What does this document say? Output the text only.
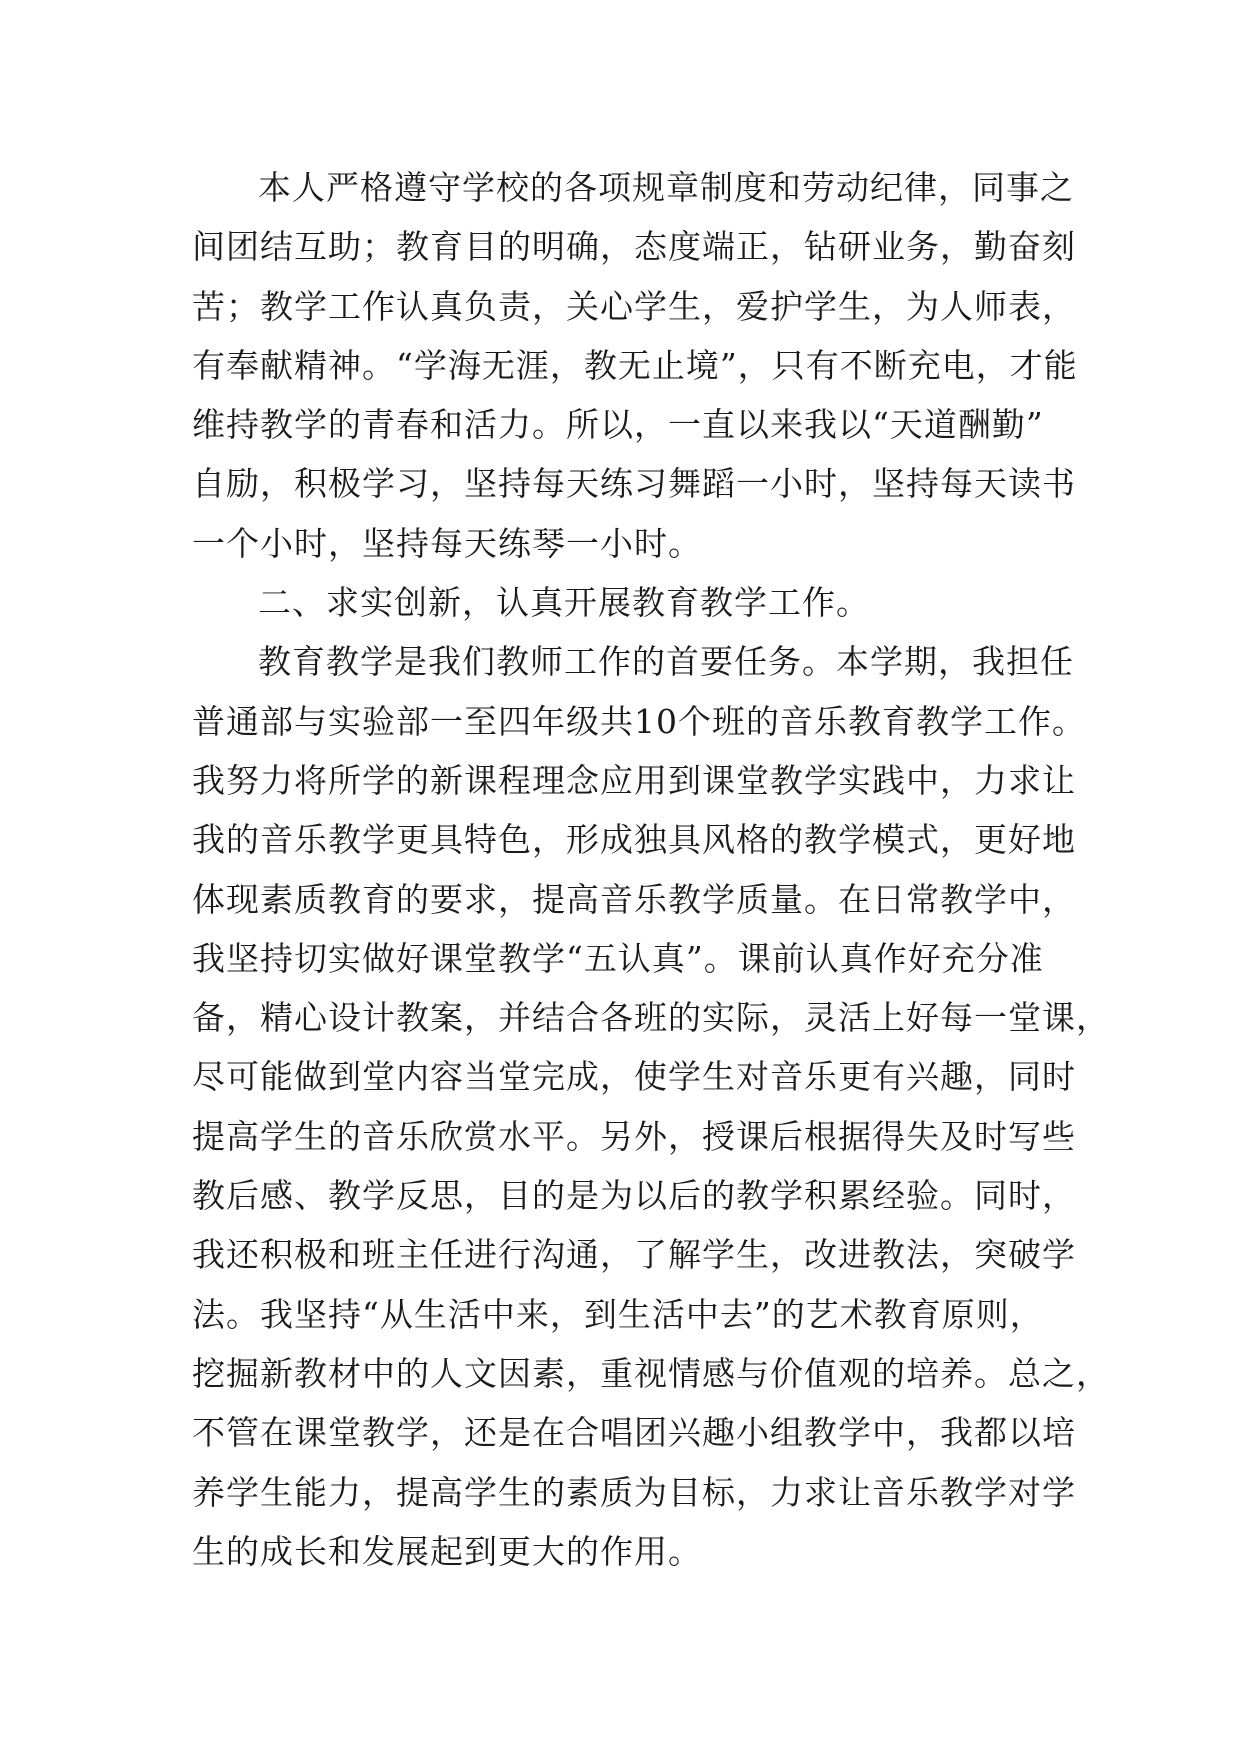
本人严格遵守学校的各项规章制度和劳动纪律，同事之
间团结互助；教育目的明确，态度端正，钻研业务，勤奋刻
苦；教学工作认真负责，关心学生，爱护学生，为人师表，
有奉献精神。“学海无涯，教无止境”，只有不断充电，才能
维持教学的青春和活力。所以，一直以来我以“天道酬勤”
自励，积极学习，坚持每天练习舞蹈一小时，坚持每天读书
一个小时，坚持每天练琴一小时。
二、求实创新，认真开展教育教学工作。
教育教学是我们教师工作的首要任务。本学期，我担任
普通部与实验部一至四年级共10个班的音乐教育教学工作。
我努力将所学的新课程理念应用到课堂教学实践中，力求让
我的音乐教学更具特色，形成独具风格的教学模式，更好地
体现素质教育的要求，提高音乐教学质量。在日常教学中，
我坚持切实做好课堂教学“五认真”。课前认真作好充分准
备，精心设计教案，并结合各班的实际，灵活上好每一堂课，
尽可能做到堂内容当堂完成，使学生对音乐更有兴趣，同时
提高学生的音乐欣赏水平。另外，授课后根据得失及时写些
教后感、教学反思，目的是为以后的教学积累经验。同时，
我还积极和班主任进行沟通，了解学生，改进教法，突破学
法。我坚持“从生活中来，到生活中去”的艺术教育原则，
挖掘新教材中的人文因素，重视情感与价值观的培养。总之，
不管在课堂教学，还是在合唱团兴趣小组教学中，我都以培
养学生能力，提高学生的素质为目标，力求让音乐教学对学
生的成长和发展起到更大的作用。
